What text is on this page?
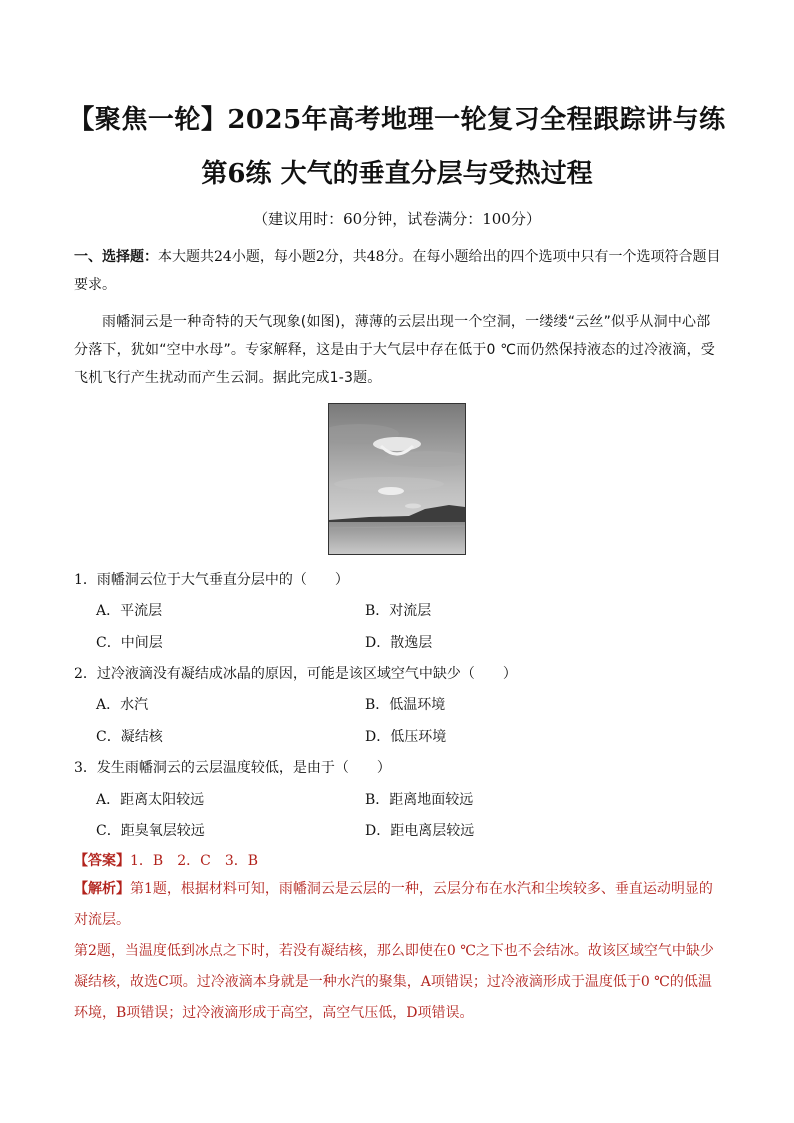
【聚焦一轮】2025年高考地理一轮复习全程跟踪讲与练
第6练 大气的垂直分层与受热过程
（建议用时：60分钟，试卷满分：100分）
一、选择题：本大题共24小题，每小题2分，共48分。在每小题给出的四个选项中只有一个选项符合题目要求。
雨幡洞云是一种奇特的天气现象(如图)，薄薄的云层出现一个空洞，一缕缕“云丝”似乎从洞中心部分落下，犹如“空中水母”。专家解释，这是由于大气层中存在低于0 ℃而仍然保持液态的过冷液滴，受飞机飞行产生扰动而产生云洞。据此完成1-3题。
1．雨幡洞云位于大气垂直分层中的（　　）
A．平流层	B．对流层
C．中间层	D．散逸层
2．过冷液滴没有凝结成冰晶的原因，可能是该区域空气中缺少（　　）
A．水汽	B．低温环境
C．凝结核	D．低压环境
3．发生雨幡洞云的云层温度较低，是由于（　　）
A．距离太阳较远	B．距离地面较远
C．距臭氧层较远	D．距电离层较远
【答案】1．B　2．C　3．B
【解析】第1题，根据材料可知，雨幡洞云是云层的一种，云层分布在水汽和尘埃较多、垂直运动明显的对流层。
第2题，当温度低到冰点之下时，若没有凝结核，那么即使在0 ℃之下也不会结冰。故该区域空气中缺少凝结核，故选C项。过冷液滴本身就是一种水汽的聚集，A项错误；过冷液滴形成于温度低于0 ℃的低温环境，B项错误；过冷液滴形成于高空，高空气压低，D项错误。
